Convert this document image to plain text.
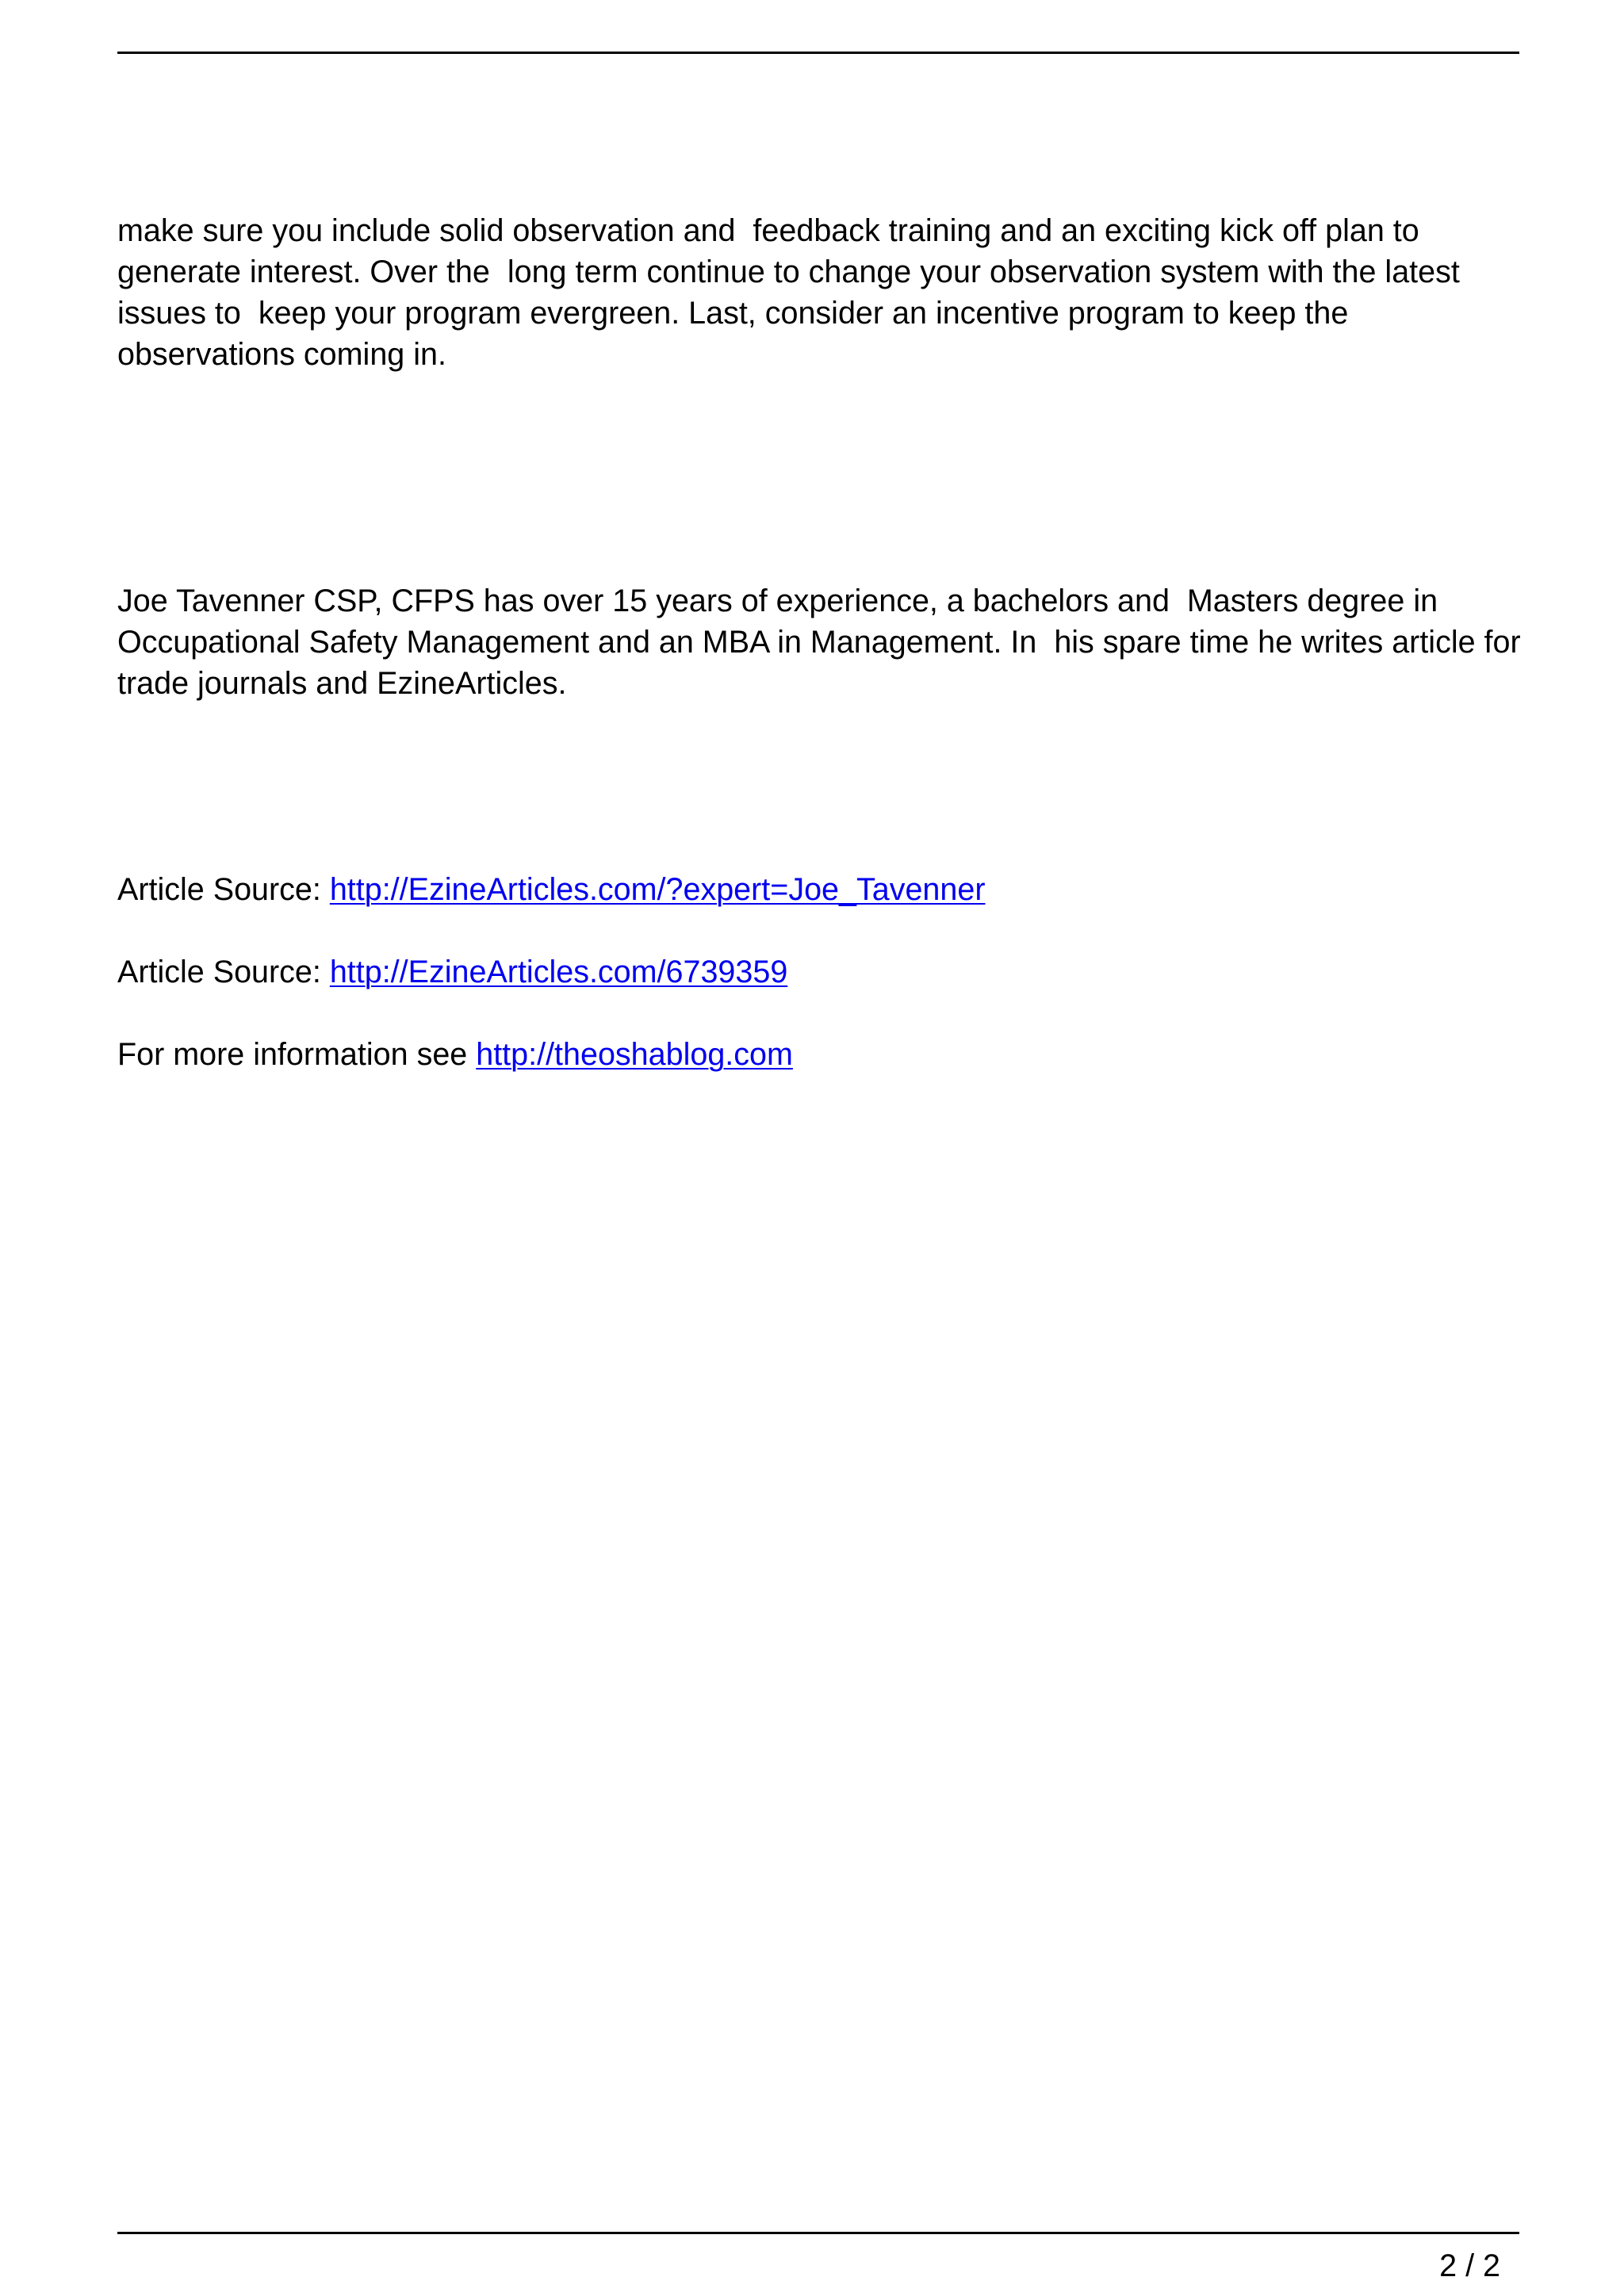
make sure you include solid observation and  feedback training and an exciting kick off plan to generate interest. Over the  long term continue to change your observation system with the latest issues to  keep your program evergreen. Last, consider an incentive program to keep the observations coming in.

Joe Tavenner CSP, CFPS has over 15 years of experience, a bachelors and  Masters degree in Occupational Safety Management and an MBA in Management. In  his spare time he writes article for trade journals and EzineArticles.

Article Source: http://EzineArticles.com/?expert=Joe_Tavenner
Article Source: http://EzineArticles.com/6739359
For more information see http://theoshablog.com
2 / 2
